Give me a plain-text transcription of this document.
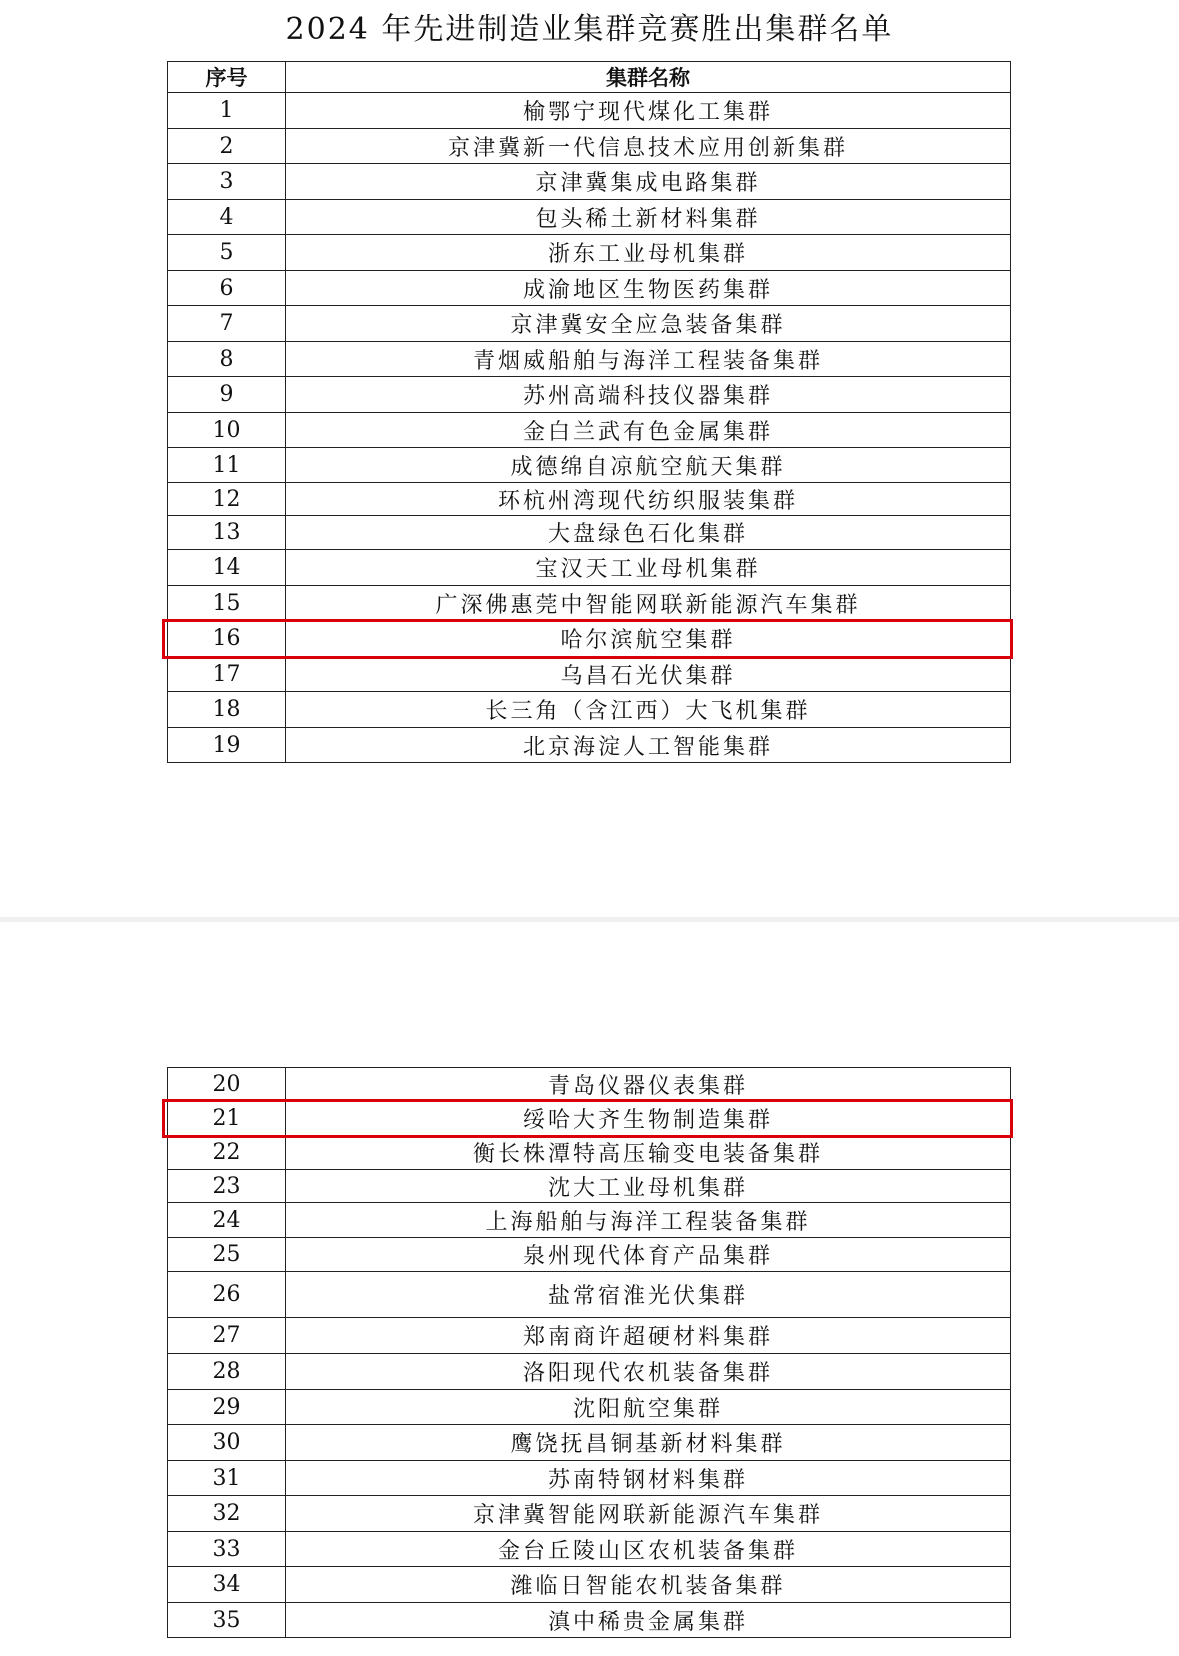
2024 年先进制造业集群竞赛胜出集群名单
序号	集群名称
1	榆鄂宁现代煤化工集群
2	京津冀新一代信息技术应用创新集群
3	京津冀集成电路集群
4	包头稀土新材料集群
5	浙东工业母机集群
6	成渝地区生物医药集群
7	京津冀安全应急装备集群
8	青烟威船舶与海洋工程装备集群
9	苏州高端科技仪器集群
10	金白兰武有色金属集群
11	成德绵自凉航空航天集群
12	环杭州湾现代纺织服装集群
13	大盘绿色石化集群
14	宝汉天工业母机集群
15	广深佛惠莞中智能网联新能源汽车集群
16	哈尔滨航空集群
17	乌昌石光伏集群
18	长三角（含江西）大飞机集群
19	北京海淀人工智能集群
20	青岛仪器仪表集群
21	绥哈大齐生物制造集群
22	衡长株潭特高压输变电装备集群
23	沈大工业母机集群
24	上海船舶与海洋工程装备集群
25	泉州现代体育产品集群
26	盐常宿淮光伏集群
27	郑南商许超硬材料集群
28	洛阳现代农机装备集群
29	沈阳航空集群
30	鹰饶抚昌铜基新材料集群
31	苏南特钢材料集群
32	京津冀智能网联新能源汽车集群
33	金台丘陵山区农机装备集群
34	潍临日智能农机装备集群
35	滇中稀贵金属集群
